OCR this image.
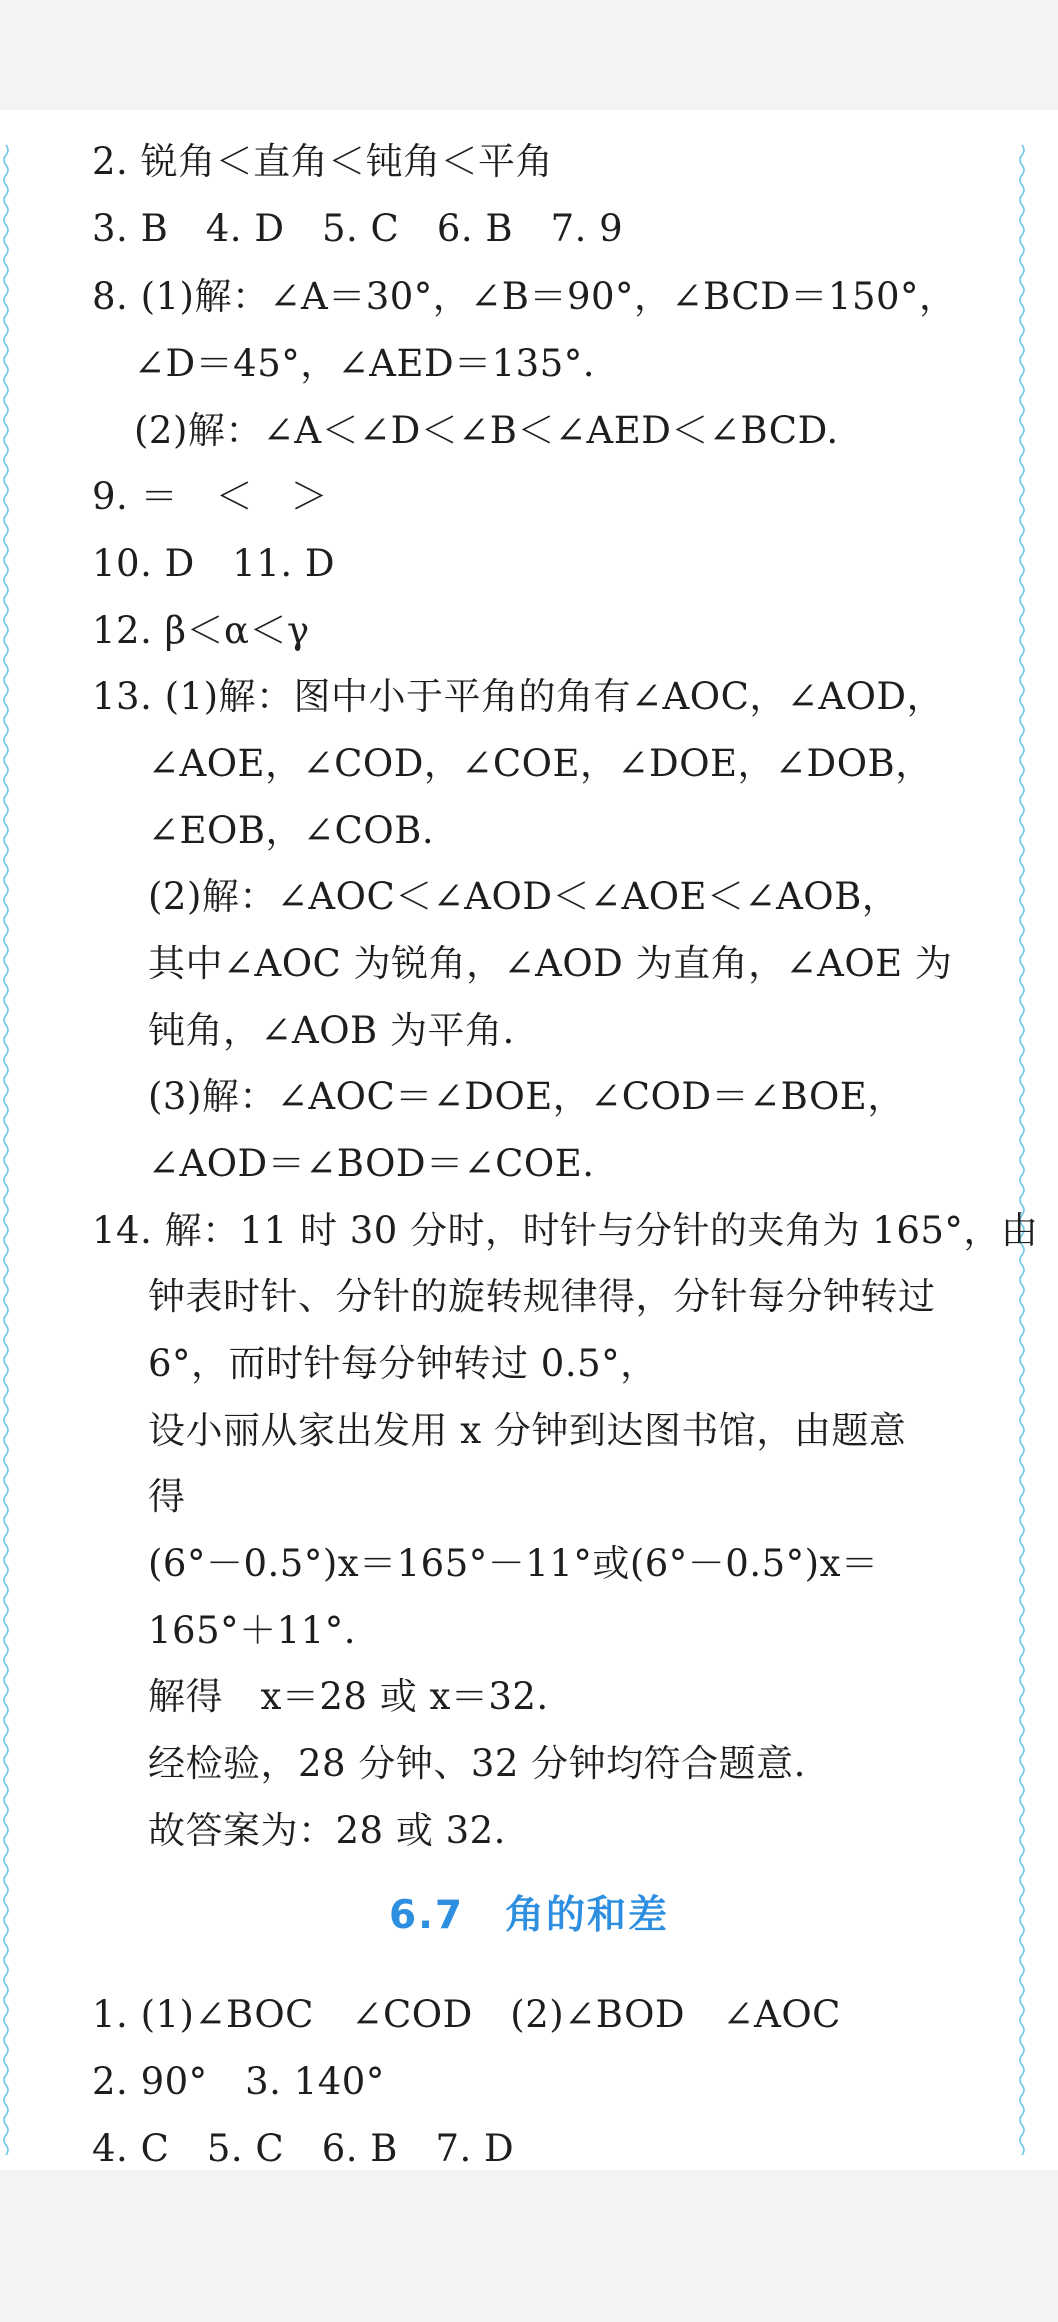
2. 锐角＜直角＜钝角＜平角
3. B　4. D　5. C　6. B　7. 9
8. (1)解：∠A＝30°，∠B＝90°，∠BCD＝150°，
∠D＝45°，∠AED＝135°.
(2)解：∠A＜∠D＜∠B＜∠AED＜∠BCD.
9. ＝　＜　＞
10. D　11. D
12. β＜α＜γ
13. (1)解：图中小于平角的角有∠AOC，∠AOD，
∠AOE，∠COD，∠COE，∠DOE，∠DOB，
∠EOB，∠COB.
(2)解：∠AOC＜∠AOD＜∠AOE＜∠AOB，
其中∠AOC 为锐角，∠AOD 为直角，∠AOE 为
钝角，∠AOB 为平角.
(3)解：∠AOC＝∠DOE，∠COD＝∠BOE，
∠AOD＝∠BOD＝∠COE.
14. 解：11 时 30 分时，时针与分针的夹角为 165°，由
钟表时针、分针的旋转规律得，分针每分钟转过
6°，而时针每分钟转过 0.5°，
设小丽从家出发用 x 分钟到达图书馆，由题意
得
(6°－0.5°)x＝165°－11°或(6°－0.5°)x＝
165°＋11°.
解得　x＝28 或 x＝32.
经检验，28 分钟、32 分钟均符合题意.
故答案为：28 或 32.
6.7　角的和差
1. (1)∠BOC　∠COD　(2)∠BOD　∠AOC
2. 90°　3. 140°
4. C　5. C　6. B　7. D
